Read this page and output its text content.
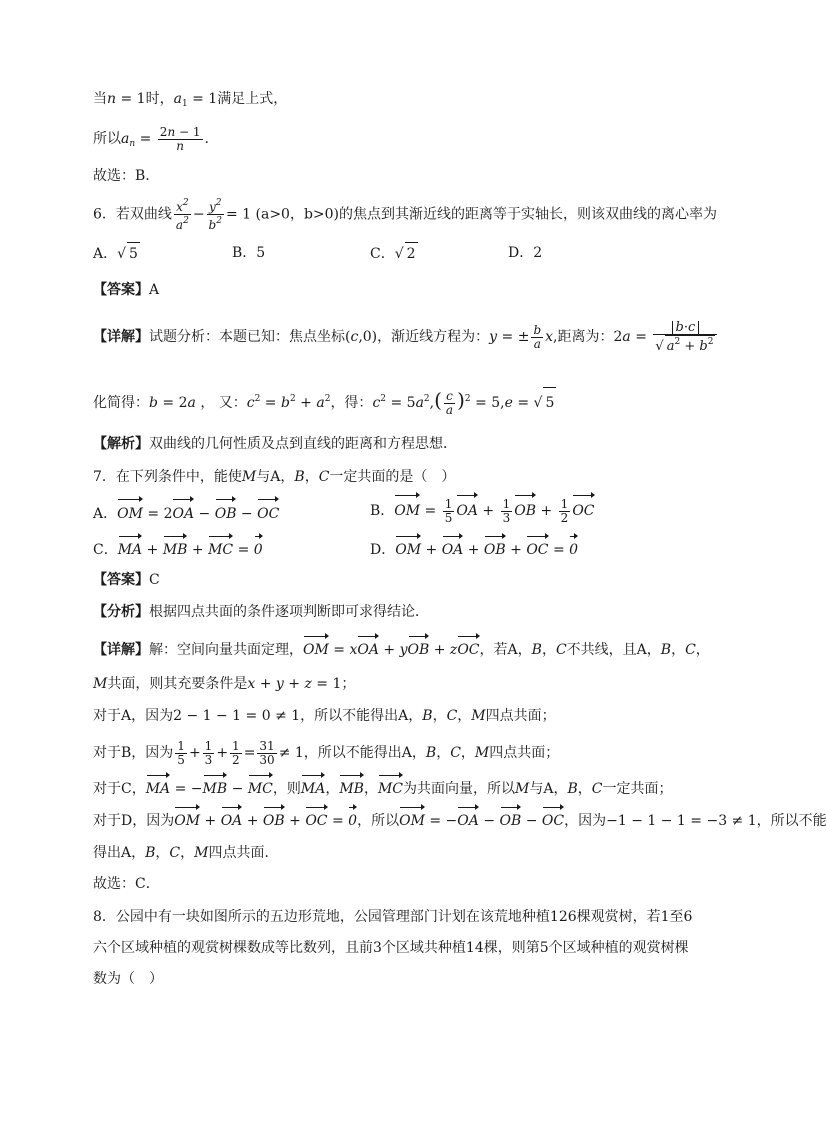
当n = 1时，$a_1 = 1$满足上式，
所以$a_n = \frac{2n - 1}{n}$ .
故选：B.
6．若双曲线 $\frac{x^2}{a^2} - \frac{y^2}{b^2} = 1$ (a>0，b>0)的焦点到其渐近线的距离等于实轴长，则该双曲线的离心率为
A．√ 5	B．5	C．√ 2	D．2
【答案】A
【详解】试题分析：本题已知：焦点坐标(c,0)，渐近线方程为：y = ± $\frac{b}{a} x$,距离为：$2a = \frac{b\cdot c}{√ a^2 + b^2}$
化简得：b = 2a ， 又：$c^2 = b^2 + a^2$，得：$c^2 = 5a^2,( \frac{c}{a} )^2 = 5,e$ = √ 5
【解析】双曲线的几何性质及点到直线的距离和方程思想．
7．在下列条件中，能使M与A，B，C一定共面的是（　）
A．OM = 2OA − OB − OC	B．OM = $\frac{1}{5}$ OA + $\frac{1}{3}$ OB + $\frac{1}{2}$ OC
C．MA + MB + MC = 0	D．OM + OA + OB + OC = 0
【答案】C
【分析】根据四点共面的条件逐项判断即可求得结论．
【详解】解：空间向量共面定理，OM = xOA + yOB + zOC，若A，B，C不共线，且A，B，C，
M共面，则其充要条件是x + y + z = 1；
对于A，因为2 − 1 − 1 = 0 ≠ 1，所以不能得出A，B，C，M四点共面；
对于B，因为 $\frac{1}{5} + \frac{1}{3} + \frac{1}{2} = \frac{31}{30} \ne 1$，所以不能得出A，B，C，M四点共面；
对于C，MA = −MB − MC，则MA，MB，MC为共面向量，所以M与A，B，C一定共面；
对于D，因为OM + OA + OB + OC = 0，所以OM = −OA − OB − OC，因为−1 − 1 − 1 = −3 ≠ 1，所以不能
得出A，B，C，M四点共面．
故选：C．
8．公园中有一块如图所示的五边形荒地，公园管理部门计划在该荒地种植126棵观赏树，若1至6
六个区域种植的观赏树棵数成等比数列，且前3个区域共种植14棵，则第5个区域种植的观赏树棵
数为（　）
